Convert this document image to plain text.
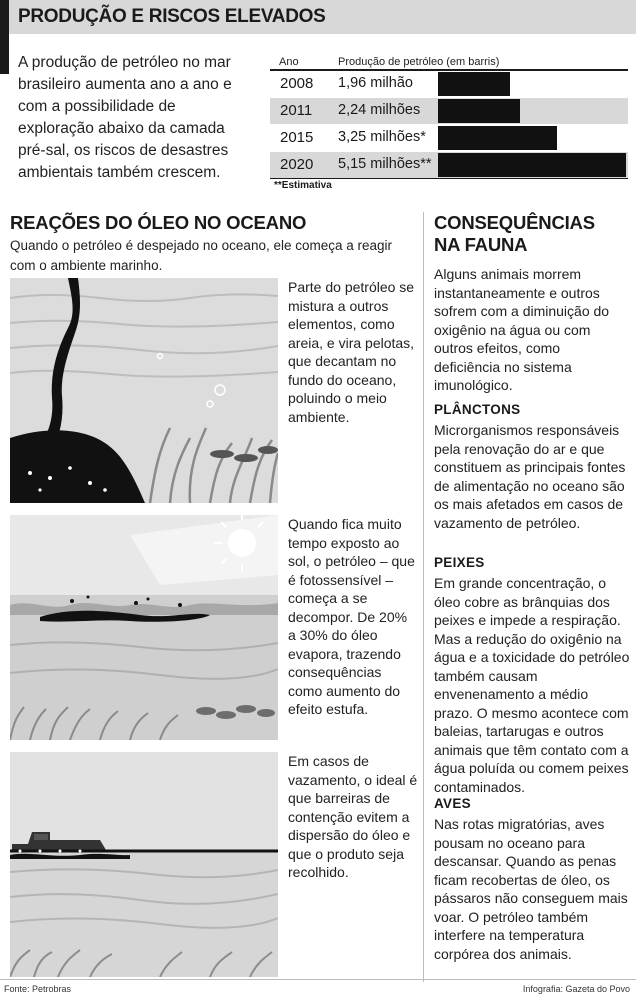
PRODUÇÃO E RISCOS ELEVADOS
A produção de petróleo no mar brasileiro aumenta ano a ano e com a possibilidade de exploração abaixo da camada pré-sal, os riscos de desastres ambientais também crescem.
Ano	Produção de petróleo (em barris)
2008 1,96 milhão
2011 2,24 milhões
2015 3,25 milhões*
2020 5,15 milhões**
**Estimativa
REAÇÕES DO ÓLEO NO OCEANO
Quando o petróleo é despejado no oceano, ele começa a reagir com o ambiente marinho.
Parte do petróleo se mistura a outros elementos, como areia, e vira pelotas, que decantam no fundo do oceano, poluindo o meio ambiente.
Quando fica muito tempo exposto ao sol, o petróleo – que é fotossensível – começa a se decompor. De 20% a 30% do óleo evapora, trazendo consequências como aumento do efeito estufa.
Em casos de vazamento, o ideal é que barreiras de contenção evitem a dispersão do óleo e que o produto seja recolhido.
CONSEQUÊNCIAS NA FAUNA
Alguns animais morrem instantaneamente e outros sofrem com a diminuição do oxigênio na água ou com outros efeitos, como deficiência no sistema imunológico.
PLÂNCTONS
Microrganismos responsáveis pela renovação do ar e que constituem as principais fontes de alimentação no oceano são os mais afetados em casos de vazamento de petróleo.
PEIXES
Em grande concentração, o óleo cobre as brânquias dos peixes e impede a respiração. Mas a redução do oxigênio na água e a toxicidade do petróleo também causam envenenamento a médio prazo. O mesmo acontece com baleias, tartarugas e outros animais que têm contato com a água poluída ou comem peixes contaminados.
AVES
Nas rotas migratórias, aves pousam no oceano para descansar. Quando as penas ficam recobertas de óleo, os pássaros não conseguem mais voar. O petróleo também interfere na temperatura corpórea dos animais.
Fonte: Petrobras	Infografia: Gazeta do Povo
